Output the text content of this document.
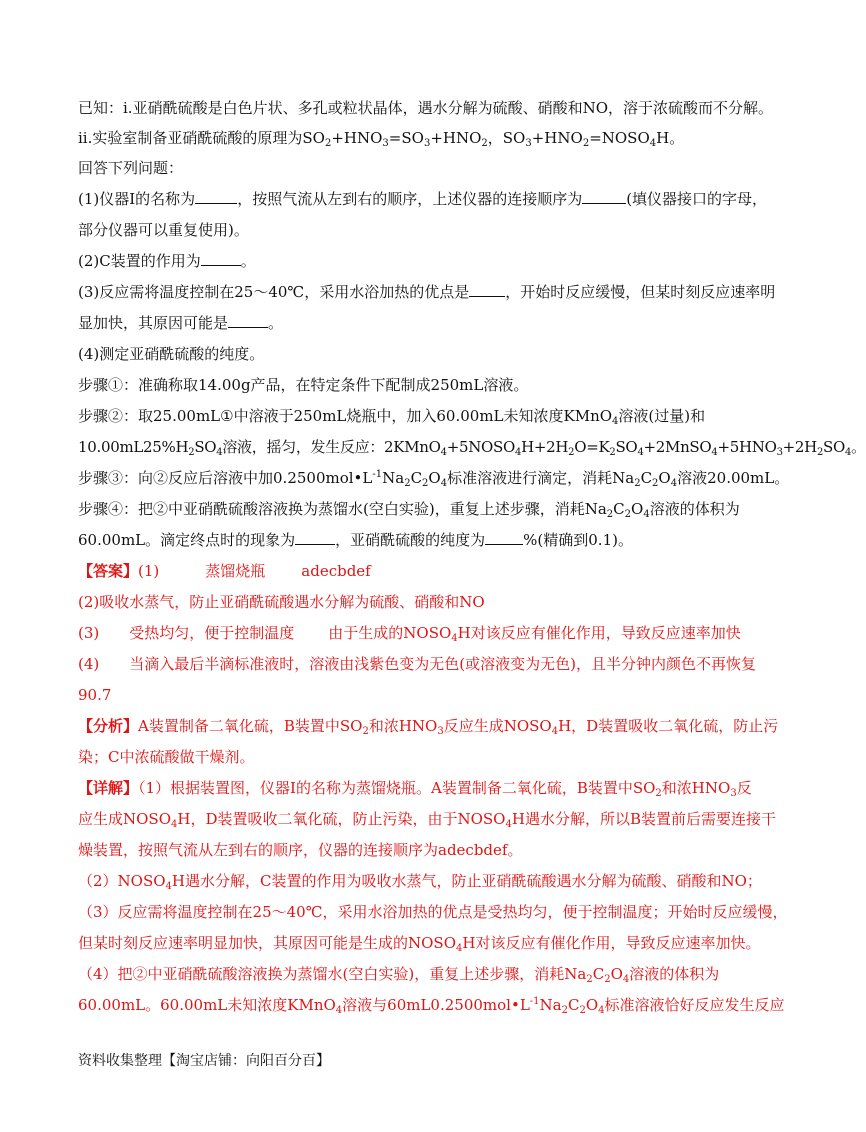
已知：i.亚硝酰硫酸是白色片状、多孔或粒状晶体，遇水分解为硫酸、硝酸和NO，溶于浓硫酸而不分解。
ii.实验室制备亚硝酰硫酸的原理为$SO_2+HNO_3=SO_3+HNO_2$，$SO_3+HNO_2=NOSO_4H$。
回答下列问题：
(1)仪器I的名称为	，按照气流从左到右的顺序，上述仪器的连接顺序为	(填仪器接口的字母，
部分仪器可以重复使用)。
(2)C装置的作用为	。
(3)反应需将温度控制在25～40℃，采用水浴加热的优点是 ，开始时反应缓慢，但某时刻反应速率明
显加快，其原因可能是	。
(4)测定亚硝酰硫酸的纯度。
步骤①：准确称取14.00g产品，在特定条件下配制成250mL溶液。
步骤②：取25.00mL①中溶液于250mL烧瓶中，加入60.00mL未知浓度KMnO$_4$溶液(过量)和
$10.00mL25\%H_2SO_4$溶液，摇匀，发生反应：$2KMnO_4+5NOSO_4H+2H_2O=K_2SO_4+2MnSO_4+5HNO_3+2H_2SO_4$。
步骤③：向②反应后溶液中加$0.2500mol•L^{-1}Na_2C_2O_4$标准溶液进行滴定，消耗$Na_2C_2O_4$溶液20.00mL。
步骤④：把②中亚硝酰硫酸溶液换为蒸馏水(空白实验)，重复上述步骤，消耗$Na_2C_2O_4$溶液的体积为
60.00mL。滴定终点时的现象为	，亚硝酰硫酸的纯度为	%(精确到0.1)。
【答案】(1)	蒸馏烧瓶 adecbdef
(2)吸收水蒸气，防止亚硝酰硫酸遇水分解为硫酸、硝酸和NO
(3) 受热均匀，便于控制温度 由于生成的$NOSO_4H$对该反应有催化作用，导致反应速率加快
(4) 当滴入最后半滴标准液时，溶液由浅紫色变为无色(或溶液变为无色)，且半分钟内颜色不再恢复
90.7
【分析】A装置制备二氧化硫，B装置中$SO_2$和浓$HNO_3$反应生成$NOSO_4H$，D装置吸收二氧化硫，防止污
染；C中浓硫酸做干燥剂。
【详解】（1）根据装置图，仪器I的名称为蒸馏烧瓶。A装置制备二氧化硫，B装置中$SO_2$和浓$HNO_3$反
应生成$NOSO_4H$，D装置吸收二氧化硫，防止污染，由于$NOSO_4H$遇水分解，所以B装置前后需要连接干
燥装置，按照气流从左到右的顺序，仪器的连接顺序为adecbdef。
$(2)NOSO_4H$遇水分解，C装置的作用为吸收水蒸气，防止亚硝酰硫酸遇水分解为硫酸、硝酸和NO；
（3）反应需将温度控制在25～40℃，采用水浴加热的优点是受热均匀，便于控制温度；开始时反应缓慢，
但某时刻反应速率明显加快，其原因可能是生成的$NOSO_4H$对该反应有催化作用，导致反应速率加快。
（4）把②中亚硝酰硫酸溶液换为蒸馏水(空白实验)，重复上述步骤，消耗$Na_2C_2O_4$溶液的体积为
60.00mL。60.00mL未知浓度KMnO$_4$溶液与$60mL0.2500mol•L^{-1}Na_2C_2O_4$标准溶液恰好反应发生反应
资料收集整理【淘宝店铺：向阳百分百】
